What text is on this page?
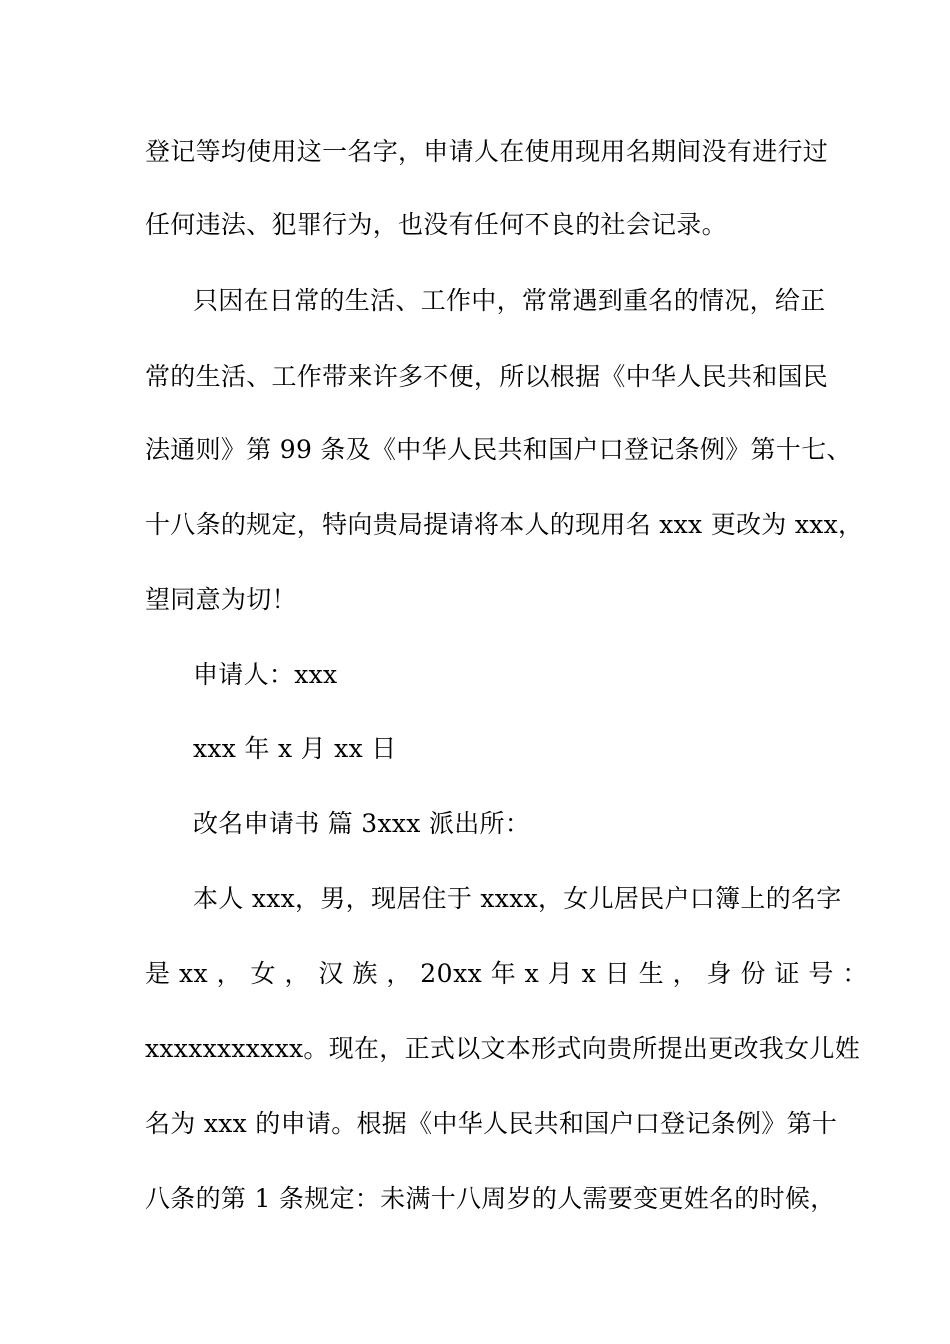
登记等均使用这一名字，申请人在使用现用名期间没有进行过
任何违法、犯罪行为，也没有任何不良的社会记录。
只因在日常的生活、工作中，常常遇到重名的情况，给正
常的生活、工作带来许多不便，所以根据《中华人民共和国民
法通则》第 99 条及《中华人民共和国户口登记条例》第十七、
十八条的规定，特向贵局提请将本人的现用名 xxx 更改为 xxx，
望同意为切！
申请人：xxx
xxx 年 x 月 xx 日
改名申请书 篇 3xxx 派出所：
本人 xxx，男，现居住于 xxxx，女儿居民户口簿上的名字
是 xx ， 女 ， 汉 族 ， 20xx 年 x 月 x 日 生 ， 身 份 证 号 ：
xxxxxxxxxxx。现在，正式以文本形式向贵所提出更改我女儿姓
名为 xxx 的申请。根据《中华人民共和国户口登记条例》第十
八条的第 1 条规定：未满十八周岁的人需要变更姓名的时候，
